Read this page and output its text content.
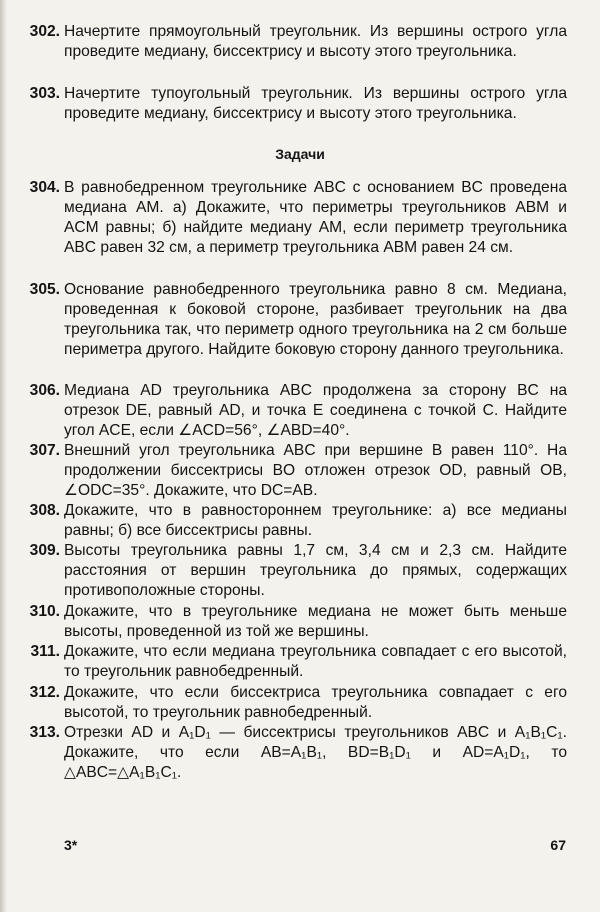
302. Начертите прямоугольный треугольник. Из вершины острого угла проведите медиану, биссектрису и высоту этого треугольника.
303. Начертите тупоугольный треугольник. Из вершины острого угла проведите медиану, биссектрису и высоту этого треугольника.
Задачи
304. В равнобедренном треугольнике ABC с основанием BC проведена медиана AM. а) Докажите, что периметры треугольников ABM и ACM равны; б) найдите медиану AM, если периметр треугольника ABC равен 32 см, а периметр треугольника ABM равен 24 см.
305. Основание равнобедренного треугольника равно 8 см. Медиана, проведенная к боковой стороне, разбивает треугольник на два треугольника так, что периметр одного треугольника на 2 см больше периметра другого. Найдите боковую сторону данного треугольника.
306. Медиана AD треугольника ABC продолжена за сторону BC на отрезок DE, равный AD, и точка E соединена с точкой C. Найдите угол ACE, если ∠ACD=56°, ∠ABD=40°.
307. Внешний угол треугольника ABC при вершине B равен 110°. На продолжении биссектрисы BO отложен отрезок OD, равный OB, ∠ODC=35°. Докажите, что DC=AB.
308. Докажите, что в равностороннем треугольнике: а) все медианы равны; б) все биссектрисы равны.
309. Высоты треугольника равны 1,7 см, 3,4 см и 2,3 см. Найдите расстояния от вершин треугольника до прямых, содержащих противоположные стороны.
310. Докажите, что в треугольнике медиана не может быть меньше высоты, проведенной из той же вершины.
311. Докажите, что если медиана треугольника совпадает с его высотой, то треугольник равнобедренный.
312. Докажите, что если биссектриса треугольника совпадает с его высотой, то треугольник равнобедренный.
313. Отрезки AD и A₁D₁ — биссектрисы треугольников ABC и A₁B₁C₁. Докажите, что если AB=A₁B₁, BD=B₁D₁ и AD=A₁D₁, то △ABC=△A₁B₁C₁.
3*	67
